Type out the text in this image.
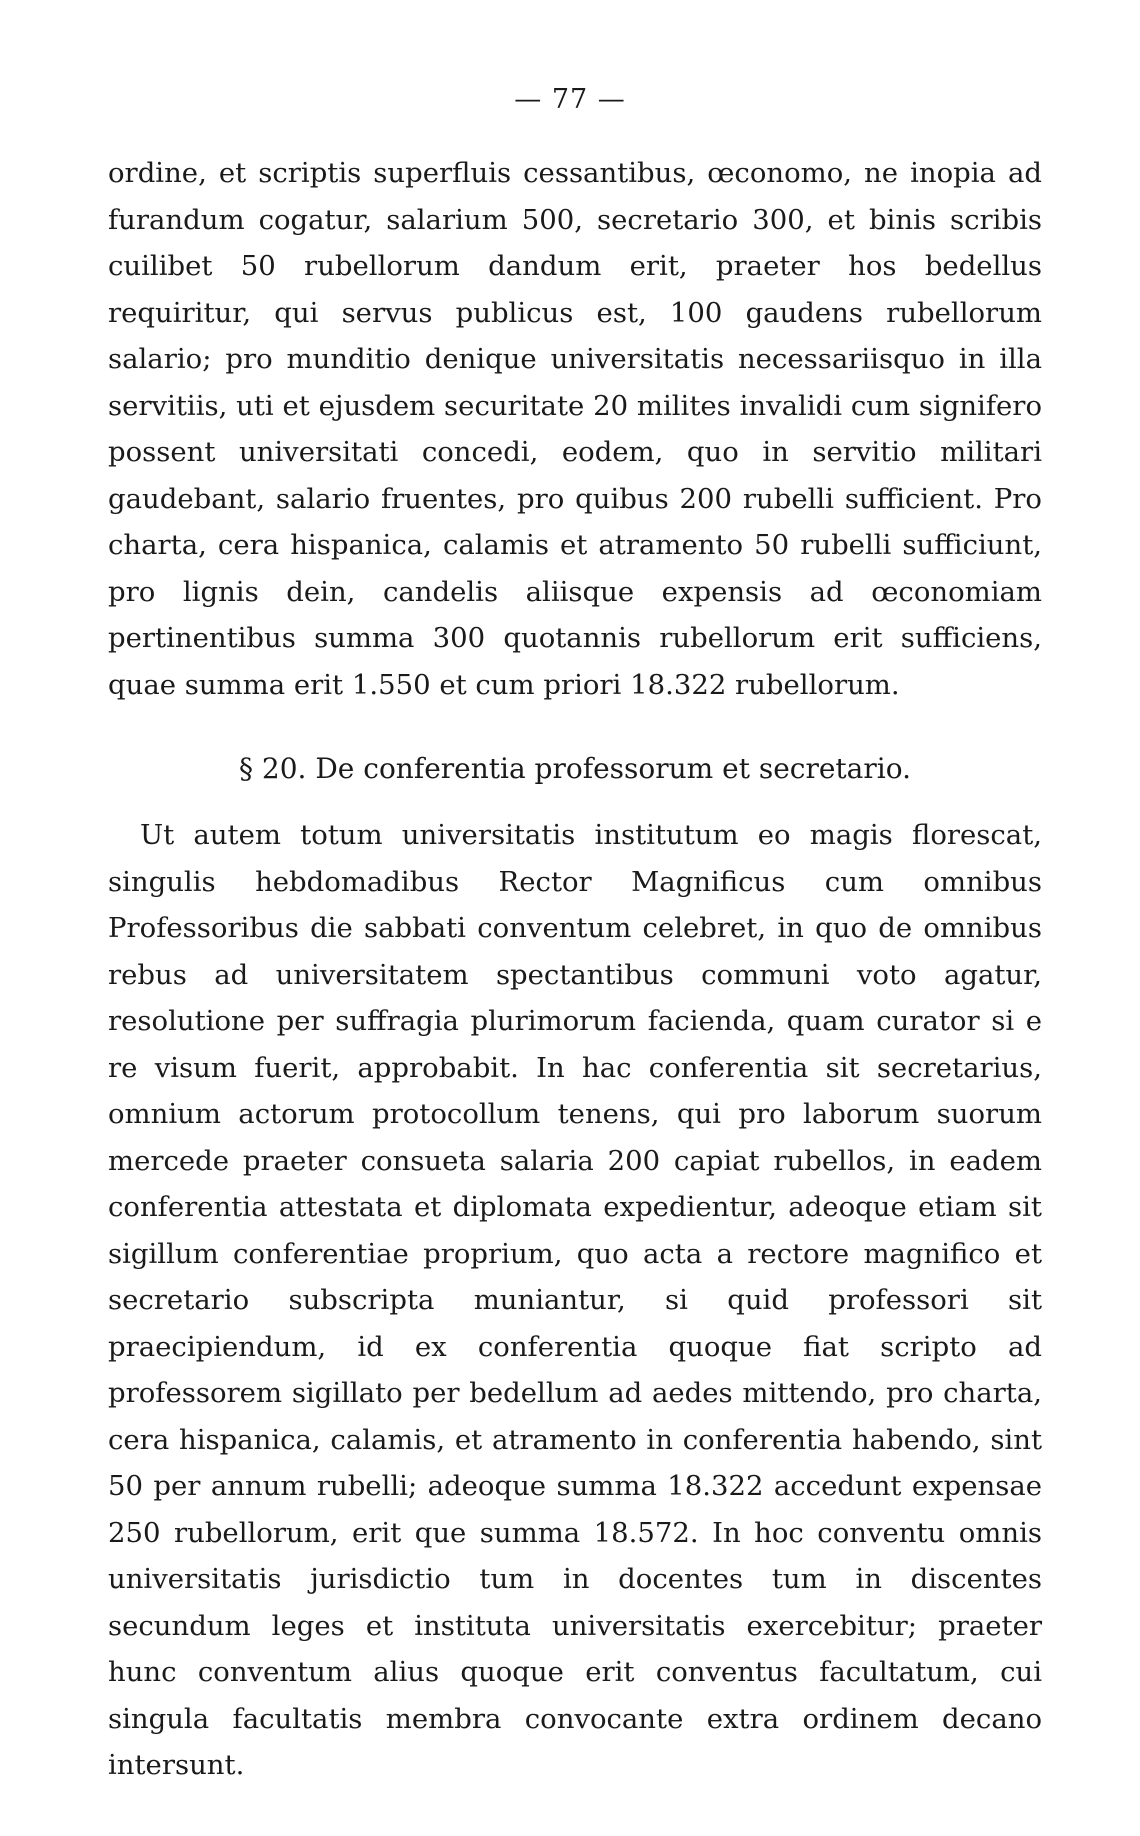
— 77 —

ordine, et scriptis superfluis cessantibus, œconomo, ne inopia ad furandum cogatur, salarium 500, secretario 300, et binis scribis cuilibet 50 rubellorum dandum erit, praeter hos bedellus requiritur, qui servus publicus est, 100 gaudens rubellorum salario; pro munditio denique universitatis necessariisquo in illa servitiis, uti et ejusdem securitate 20 milites invalidi cum signifero possent universitati concedi, eodem, quo in servitio militari gaudebant, salario fruentes, pro quibus 200 rubelli sufficient. Pro charta, cera hispanica, calamis et atramento 50 rubelli sufficiunt, pro lignis dein, candelis aliisque expensis ad œconomiam pertinentibus summa 300 quotannis rubellorum erit sufficiens, quae summa erit 1.550 et cum priori 18.322 rubellorum.

§ 20. De conferentia professorum et secretario.

Ut autem totum universitatis institutum eo magis florescat, singulis hebdomadibus Rector Magnificus cum omnibus Professoribus die sabbati conventum celebret, in quo de omnibus rebus ad universitatem spectantibus communi voto agatur, resolutione per suffragia plurimorum facienda, quam curator si e re visum fuerit, approbabit. In hac conferentia sit secretarius, omnium actorum protocollum tenens, qui pro laborum suorum mercede praeter consueta salaria 200 capiat rubellos, in eadem conferentia attestata et diplomata expedientur, adeoque etiam sit sigillum conferentiae proprium, quo acta a rectore magnifico et secretario subscripta muniantur, si quid professori sit praecipiendum, id ex conferentia quoque fiat scripto ad professorem sigillato per bedellum ad aedes mittendo, pro charta, cera hispanica, calamis, et atramento in conferentia habendo, sint 50 per annum rubelli; adeoque summa 18.322 accedunt expensae 250 rubellorum, erit que summa 18.572. In hoc conventu omnis universitatis jurisdictio tum in docentes tum in discentes secundum leges et instituta universitatis exercebitur; praeter hunc conventum alius quoque erit conventus facultatum, cui singula facultatis membra convocante extra ordinem decano intersunt.
